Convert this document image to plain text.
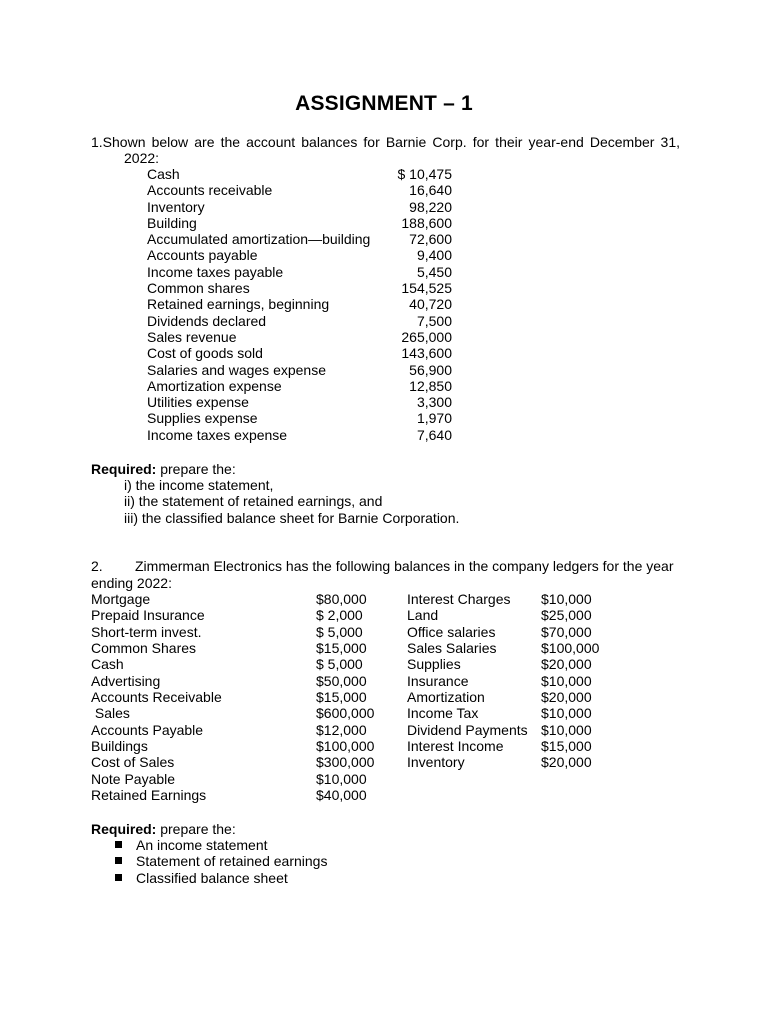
ASSIGNMENT – 1
1.Shown below are the account balances for Barnie Corp. for their year-end December 31,
2022:
Cash	$ 10,475
Accounts receivable	16,640
Inventory	98,220
Building	188,600
Accumulated amortization—building	72,600
Accounts payable	9,400
Income taxes payable	5,450
Common shares	154,525
Retained earnings, beginning	40,720
Dividends declared	7,500
Sales revenue	265,000
Cost of goods sold	143,600
Salaries and wages expense	56,900
Amortization expense	12,850
Utilities expense	3,300
Supplies expense	1,970
Income taxes expense	7,640
Required: prepare the:
i) the income statement,
ii) the statement of retained earnings, and
iii) the classified balance sheet for Barnie Corporation.
2. Zimmerman Electronics has the following balances in the company ledgers for the year
ending 2022:
Mortgage	$80,000	Interest Charges $10,000
Prepaid Insurance	$ 2,000	Land	$25,000
Short-term invest.	$ 5,000	Office salaries	$70,000
Common Shares	$15,000	Sales Salaries	$100,000
Cash	$ 5,000	Supplies	$20,000
Advertising	$50,000	Insurance	$10,000
Accounts Receivable	$15,000	Amortization	$20,000
Sales	$600,000 Income Tax	$10,000
Accounts Payable	$12,000	Dividend Payments $10,000
Buildings	$100,000 Interest Income	$15,000
Cost of Sales	$300,000 Inventory	$20,000
Note Payable	$10,000
Retained Earnings	$40,000
Required: prepare the:
An income statement
Statement of retained earnings
Classified balance sheet
